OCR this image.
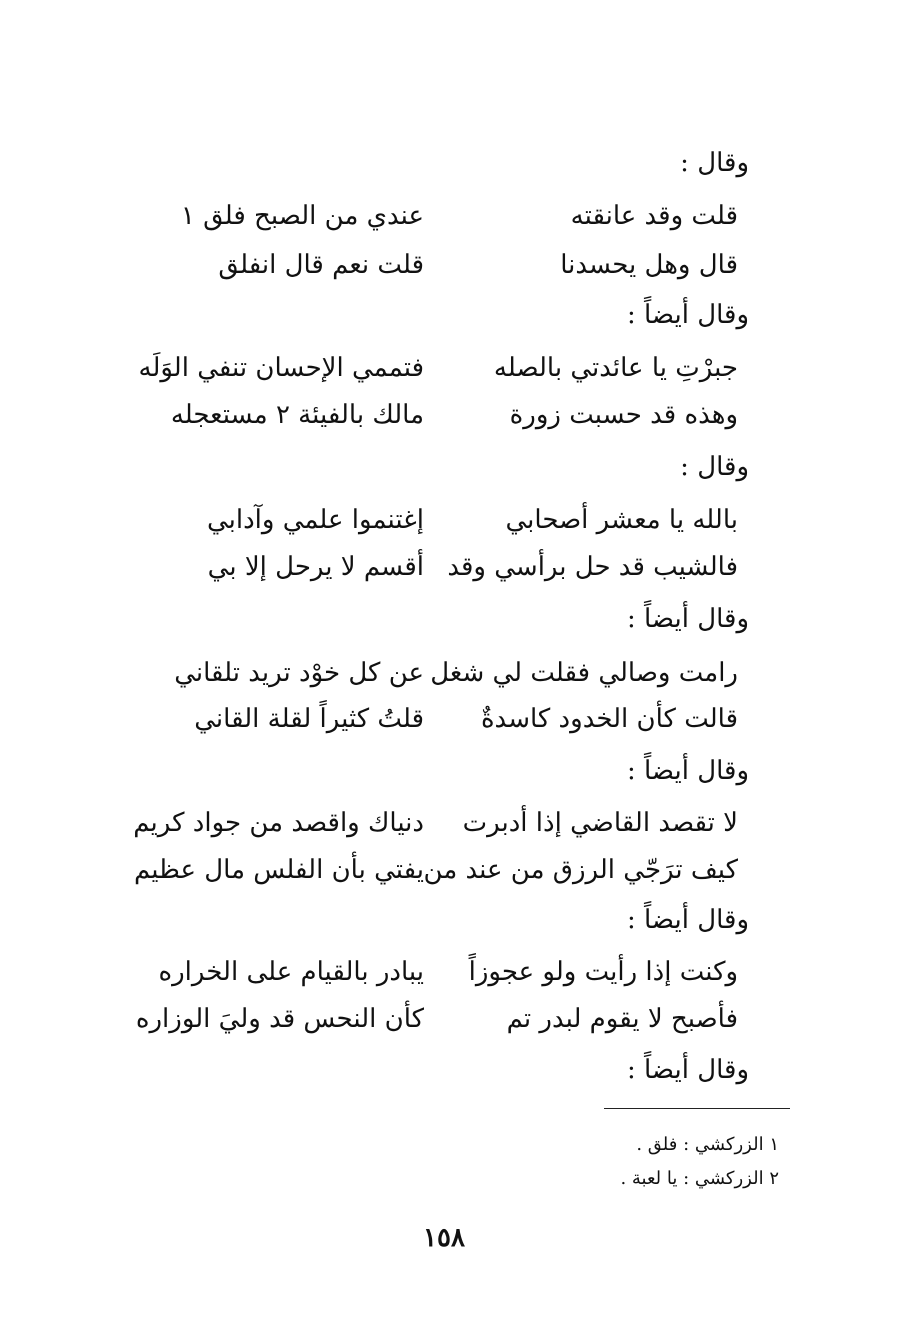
وقال :
قلت وقد عانقته
عندي من الصبح فلق ١
قال وهل يحسدنا
قلت نعم قال انفلق
وقال أيضاً :
جبرْتِ يا عائدتي بالصله
فتممي الإحسان تنفي الوَلَه
وهذه قد حسبت زورة
مالك بالفيئة ٢ مستعجله
وقال :
بالله يا معشر أصحابي
إغتنموا علمي وآدابي
فالشيب قد حل برأسي وقد
أقسم لا يرحل إلا بي
وقال أيضاً :
رامت وصالي فقلت لي شغل
عن كل خوْد تريد تلقاني
قالت كأن الخدود كاسدةٌ
قلتُ كثيراً لقلة القاني
وقال أيضاً :
لا تقصد القاضي إذا أدبرت
دنياك واقصد من جواد كريم
كيف ترَجّي الرزق من عند من
يفتي بأن الفلس مال عظيم
وقال أيضاً :
وكنت إذا رأيت ولو عجوزاً
يبادر بالقيام على الخراره
فأصبح لا يقوم لبدر تم
كأن النحس قد وليَ الوزاره
وقال أيضاً :
١ الزركشي : فلق .
٢ الزركشي : يا لعبة .
١٥٨
